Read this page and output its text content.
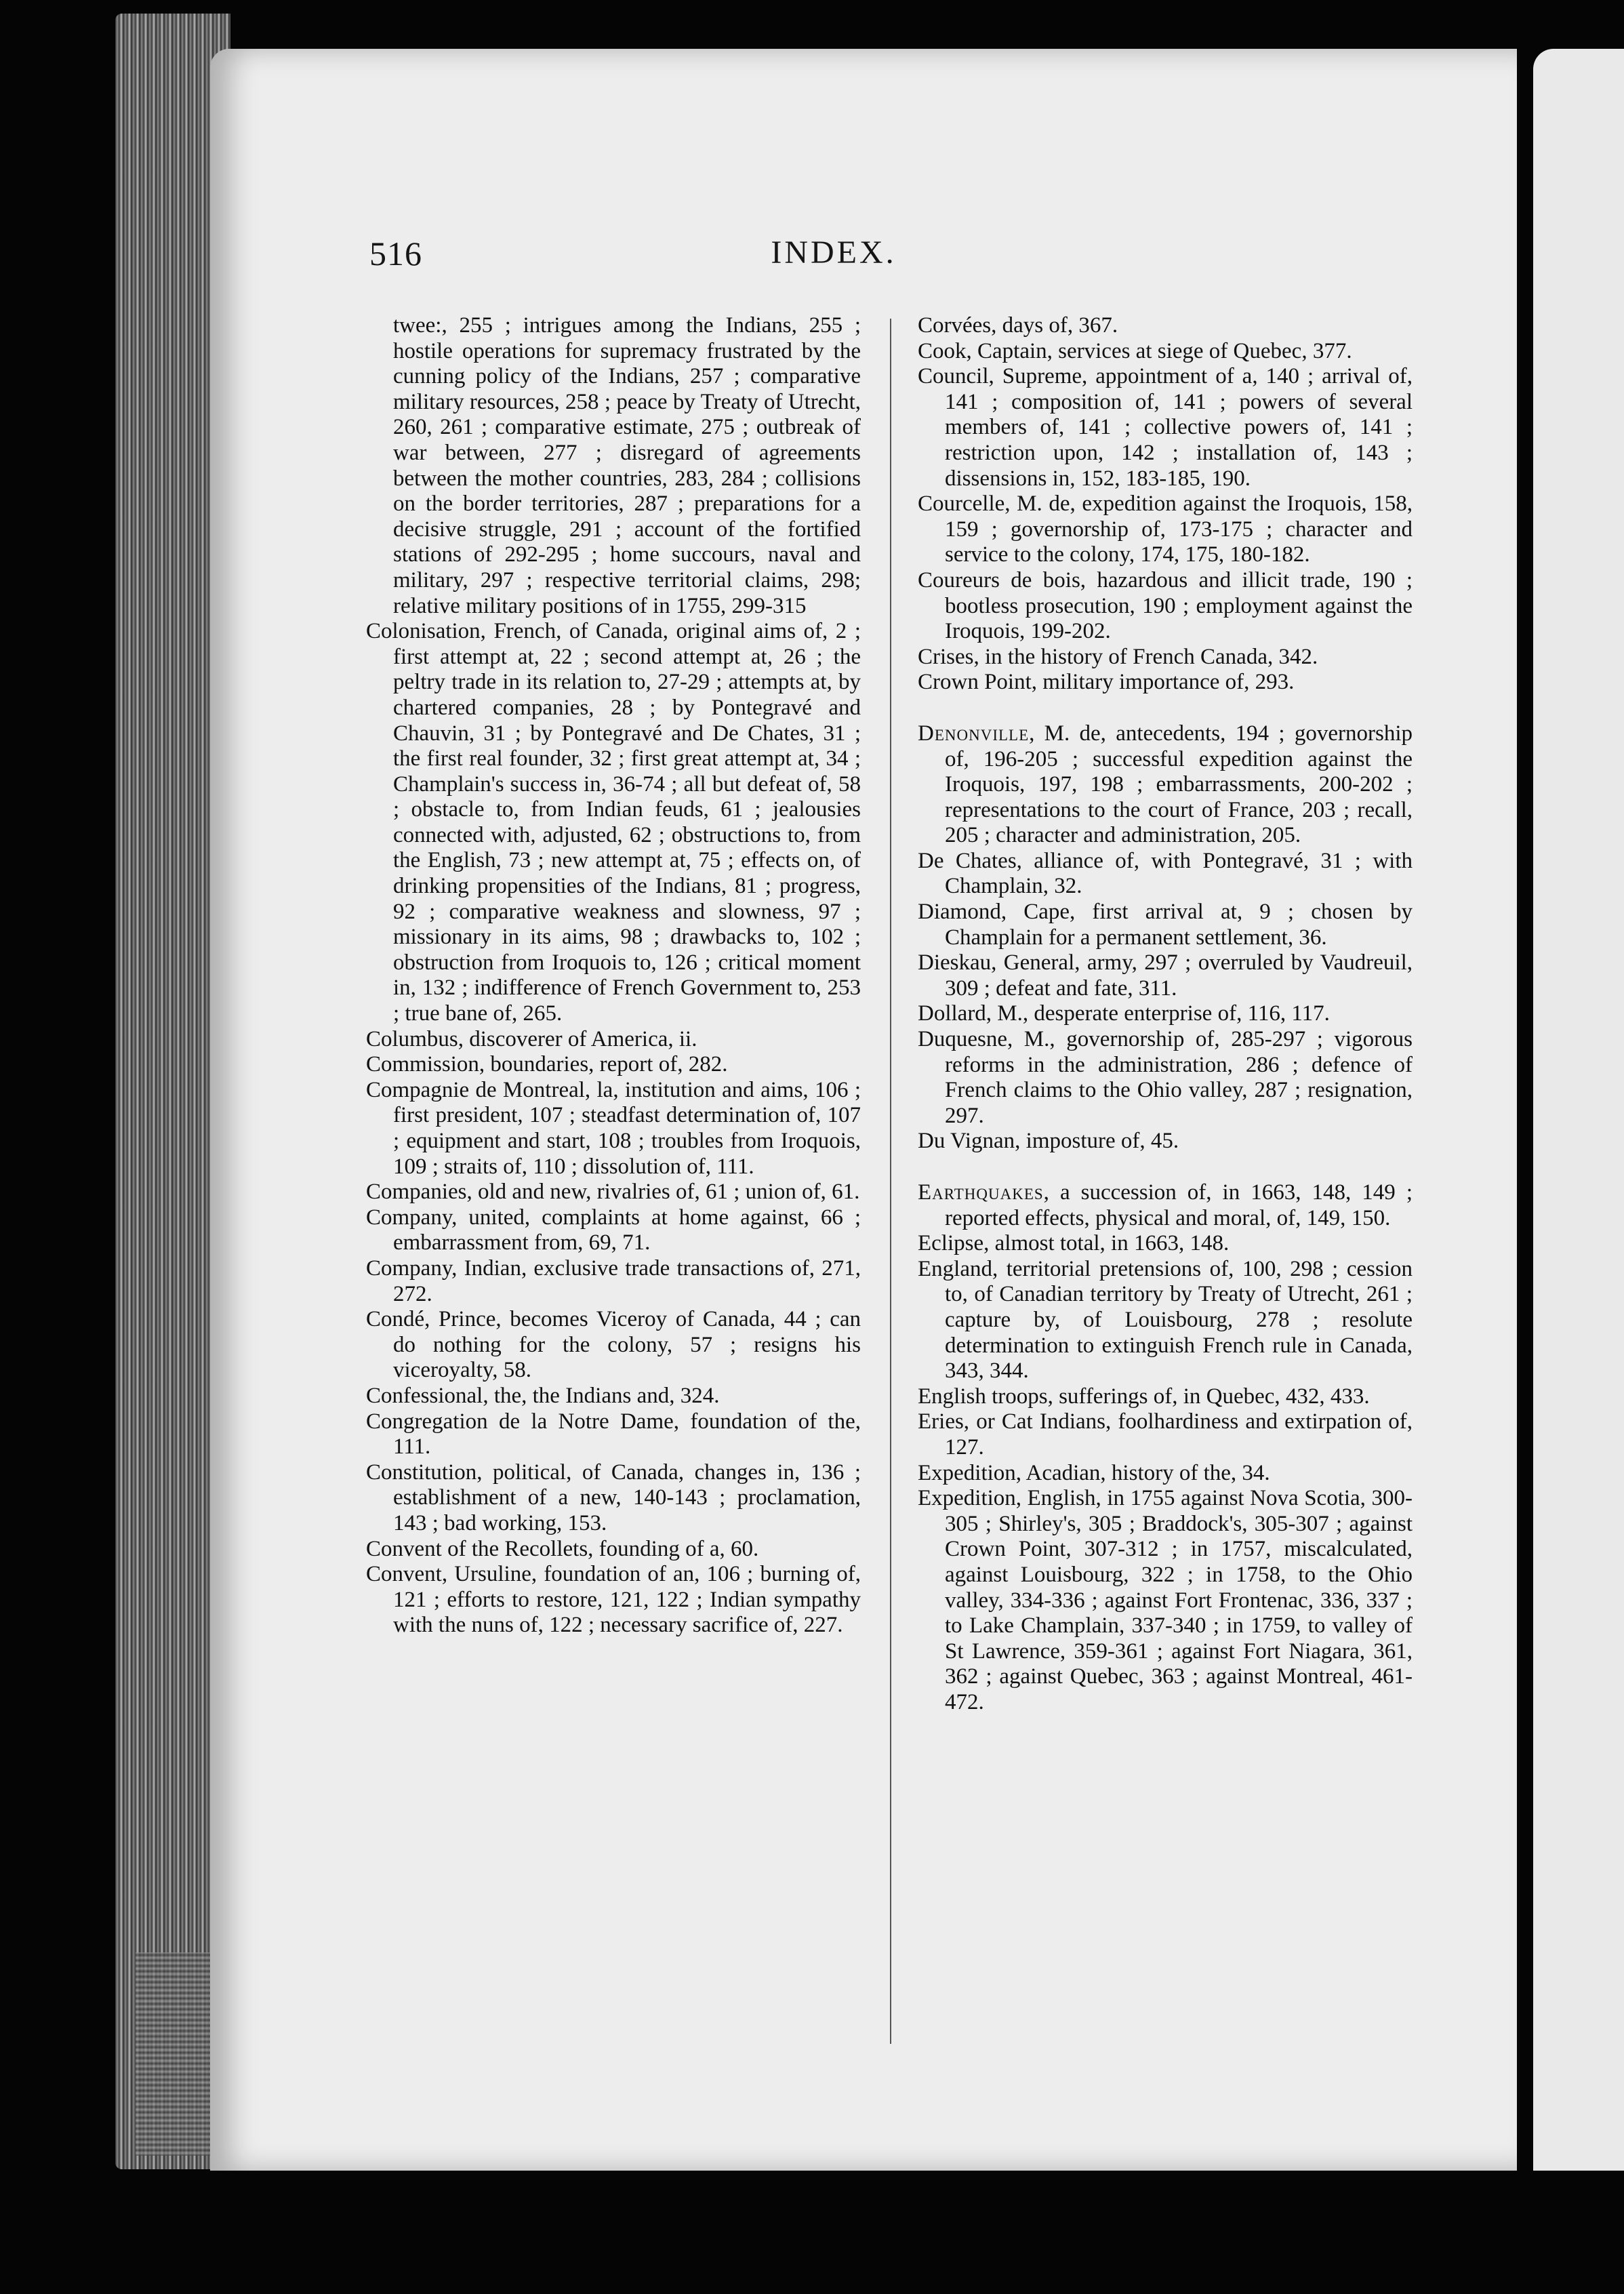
516	INDEX.

twee:, 255 ; intrigues among the Indians, 255 ; hostile operations for supremacy frustrated by the cunning policy of the Indians, 257 ; comparative military resources, 258 ; peace by Treaty of Utrecht, 260, 261 ; comparative estimate, 275 ; outbreak of war between, 277 ; disregard of agreements between the mother countries, 283, 284 ; collisions on the border territories, 287 ; preparations for a decisive struggle, 291 ; account of the fortified stations of 292-295 ; home succours, naval and military, 297 ; respective territorial claims, 298; relative military positions of in 1755, 299-315

Colonisation, French, of Canada, original aims of, 2 ; first attempt at, 22 ; second attempt at, 26 ; the peltry trade in its relation to, 27-29 ; attempts at, by chartered companies, 28 ; by Pontegravé and Chauvin, 31 ; by Pontegravé and De Chates, 31 ; the first real founder, 32 ; first great attempt at, 34 ; Champlain's success in, 36-74 ; all but defeat of, 58 ; obstacle to, from Indian feuds, 61 ; jealousies connected with, adjusted, 62 ; obstructions to, from the English, 73 ; new attempt at, 75 ; effects on, of drinking propensities of the Indians, 81 ; progress, 92 ; comparative weakness and slowness, 97 ; missionary in its aims, 98 ; drawbacks to, 102 ; obstruction from Iroquois to, 126 ; critical moment in, 132 ; indifference of French Government to, 253 ; true bane of, 265.

Columbus, discoverer of America, ii.

Commission, boundaries, report of, 282.

Compagnie de Montreal, la, institution and aims, 106 ; first president, 107 ; steadfast determination of, 107 ; equipment and start, 108 ; troubles from Iroquois, 109 ; straits of, 110 ; dissolution of, 111.

Companies, old and new, rivalries of, 61 ; union of, 61.

Company, united, complaints at home against, 66 ; embarrassment from, 69, 71.

Company, Indian, exclusive trade transactions of, 271, 272.

Condé, Prince, becomes Viceroy of Canada, 44 ; can do nothing for the colony, 57 ; resigns his viceroyalty, 58.

Confessional, the, the Indians and, 324.

Congregation de la Notre Dame, foundation of the, 111.

Constitution, political, of Canada, changes in, 136 ; establishment of a new, 140-143 ; proclamation, 143 ; bad working, 153.

Convent of the Recollets, founding of a, 60.

Convent, Ursuline, foundation of an, 106 ; burning of, 121 ; efforts to restore, 121, 122 ; Indian sympathy with the nuns of, 122 ; necessary sacrifice of, 227.

Corvées, days of, 367.

Cook, Captain, services at siege of Quebec, 377.

Council, Supreme, appointment of a, 140 ; arrival of, 141 ; composition of, 141 ; powers of several members of, 141 ; collective powers of, 141 ; restriction upon, 142 ; installation of, 143 ; dissensions in, 152, 183-185, 190.

Courcelle, M. de, expedition against the Iroquois, 158, 159 ; governorship of, 173-175 ; character and service to the colony, 174, 175, 180-182.

Coureurs de bois, hazardous and illicit trade, 190 ; bootless prosecution, 190 ; employment against the Iroquois, 199-202.

Crises, in the history of French Canada, 342.

Crown Point, military importance of, 293.

Denonville, M. de, antecedents, 194 ; governorship of, 196-205 ; successful expedition against the Iroquois, 197, 198 ; embarrassments, 200-202 ; representations to the court of France, 203 ; recall, 205 ; character and administration, 205.

De Chates, alliance of, with Pontegravé, 31 ; with Champlain, 32.

Diamond, Cape, first arrival at, 9 ; chosen by Champlain for a permanent settlement, 36.

Dieskau, General, army, 297 ; overruled by Vaudreuil, 309 ; defeat and fate, 311.

Dollard, M., desperate enterprise of, 116, 117.

Duquesne, M., governorship of, 285-297 ; vigorous reforms in the administration, 286 ; defence of French claims to the Ohio valley, 287 ; resignation, 297.

Du Vignan, imposture of, 45.

Earthquakes, a succession of, in 1663, 148, 149 ; reported effects, physical and moral, of, 149, 150.

Eclipse, almost total, in 1663, 148.

England, territorial pretensions of, 100, 298 ; cession to, of Canadian territory by Treaty of Utrecht, 261 ; capture by, of Louisbourg, 278 ; resolute determination to extinguish French rule in Canada, 343, 344.

English troops, sufferings of, in Quebec, 432, 433.

Eries, or Cat Indians, foolhardiness and extirpation of, 127.

Expedition, Acadian, history of the, 34.

Expedition, English, in 1755 against Nova Scotia, 300-305 ; Shirley's, 305 ; Braddock's, 305-307 ; against Crown Point, 307-312 ; in 1757, miscalculated, against Louisbourg, 322 ; in 1758, to the Ohio valley, 334-336 ; against Fort Frontenac, 336, 337 ; to Lake Champlain, 337-340 ; in 1759, to valley of St Lawrence, 359-361 ; against Fort Niagara, 361, 362 ; against Quebec, 363 ; against Montreal, 461-472.
